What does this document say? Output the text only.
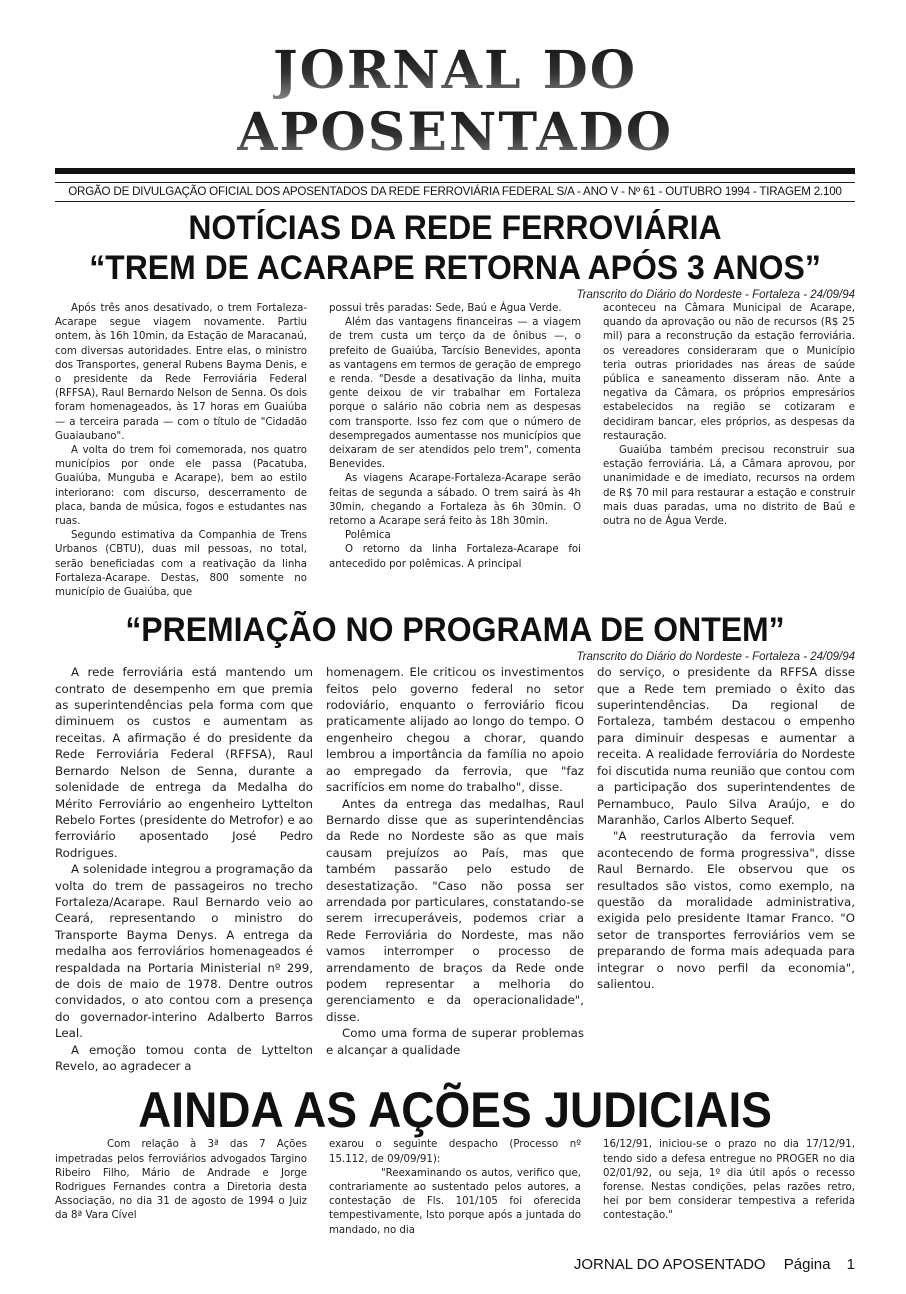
JORNAL DO APOSENTADO
ORGÃO DE DIVULGAÇÃO OFICIAL DOS APOSENTADOS DA REDE FERROVIÁRIA FEDERAL S/A - ANO V - Nº 61 - OUTUBRO 1994 - TIRAGEM 2.100
NOTÍCIAS DA REDE FERROVIÁRIA
“TREM DE ACARAPE RETORNA APÓS 3 ANOS”
Transcrito do Diário do Nordeste - Fortaleza - 24/09/94

Após três anos desativado, o trem Fortaleza-Acarape segue viagem novamente. Partiu ontem, às 16h 10min, da Estação de Maracanaú, com diversas autoridades. Entre elas, o ministro dos Transportes, general Rubens Bayma Denis, e o presidente da Rede Ferroviária Federal (RFFSA), Raul Bernardo Nelson de Senna. Os dois foram homenageados, às 17 horas em Guaiúba — a terceira parada — com o título de "Cidadão Guaiaubano".

A volta do trem foi comemorada, nos quatro municípios por onde ele passa (Pacatuba, Guaiúba, Munguba e Acarape), bem ao estilo interiorano: com discurso, descerramento de placa, banda de música, fogos e estudantes nas ruas.

Segundo estimativa da Companhia de Trens Urbanos (CBTU), duas mil pessoas, no total, serão beneficiadas com a reativação da linha Fortaleza-Acarape. Destas, 800 somente no município de Guaiúba, que

possui três paradas: Sede, Baú e Água Verde.

Além das vantagens financeiras — a viagem de trem custa um terço da de ônibus —, o prefeito de Guaiúba, Tarcísio Benevides, aponta as vantagens em termos de geração de emprego e renda. "Desde a desativação da linha, muita gente deixou de vir trabalhar em Fortaleza porque o salário não cobria nem as despesas com transporte. Isso fez com que o número de desempregados aumentasse nos municípios que deixaram de ser atendidos pelo trem", comenta Benevides.

As viagens Acarape-Fortaleza-Acarape serão feitas de segunda a sábado. O trem sairá às 4h 30min, chegando a Fortaleza às 6h 30min. O retorno a Acarape será feito às 18h 30min.

Polêmica

O retorno da linha Fortaleza-Acarape foi antecedido por polêmicas. A principal

aconteceu na Câmara Municipal de Acarape, quando da aprovação ou não de recursos (R$ 25 mil) para a reconstrução da estação ferroviária. os vereadores consideraram que o Município teria outras prioridades nas áreas de saúde pública e saneamento disseram não. Ante a negativa da Câmara, os próprios empresários estabelecidos na região se cotizaram e decidiram bancar, eles próprios, as despesas da restauração.

Guaiúba também precisou reconstruir sua estação ferroviária. Lá, a Câmara aprovou, por unanimidade e de imediato, recursos na ordem de R$ 70 mil para restaurar a estação e construir mais duas paradas, uma no distrito de Baú e outra no de Água Verde.

“PREMIAÇÃO NO PROGRAMA DE ONTEM”
Transcrito do Diário do Nordeste - Fortaleza - 24/09/94

A rede ferroviária está mantendo um contrato de desempenho em que premia as superintendências pela forma com que diminuem os custos e aumentam as receitas. A afirmação é do presidente da Rede Ferroviária Federal (RFFSA), Raul Bernardo Nelson de Senna, durante a solenidade de entrega da Medalha do Mérito Ferroviário ao engenheiro Lyttelton Rebelo Fortes (presidente do Metrofor) e ao ferroviário aposentado José Pedro Rodrigues.

A solenidade integrou a programação da volta do trem de passageiros no trecho Fortaleza/Acarape. Raul Bernardo veio ao Ceará, representando o ministro do Transporte Bayma Denys. A entrega da medalha aos ferroviários homenageados é respaldada na Portaria Ministerial nº 299, de dois de maio de 1978. Dentre outros convidados, o ato contou com a presença do governador-interino Adalberto Barros Leal.

A emoção tomou conta de Lyttelton Revelo, ao agradecer a

homenagem. Ele criticou os investimentos feitos pelo governo federal no setor rodoviário, enquanto o ferroviário ficou praticamente alijado ao longo do tempo. O engenheiro chegou a chorar, quando lembrou a importância da família no apoio ao empregado da ferrovia, que "faz sacrifícios em nome do trabalho", disse.

Antes da entrega das medalhas, Raul Bernardo disse que as superintendências da Rede no Nordeste são as que mais causam prejuízos ao País, mas que também passarão pelo estudo de desestatização. "Caso não possa ser arrendada por particulares, constatando-se serem irrecuperáveis, podemos criar a Rede Ferroviária do Nordeste, mas não vamos interromper o processo de arrendamento de braços da Rede onde podem representar a melhoria do gerenciamento e da operacionalidade", disse.

Como uma forma de superar problemas e alcançar a qualidade

do serviço, o presidente da RFFSA disse que a Rede tem premiado o êxito das superintendências. Da regional de Fortaleza, também destacou o empenho para diminuir despesas e aumentar a receita. A realidade ferroviária do Nordeste foi discutida numa reunião que contou com a participação dos superintendentes de Pernambuco, Paulo Silva Araújo, e do Maranhão, Carlos Alberto Sequef.

"A reestruturação da ferrovia vem acontecendo de forma progressiva", disse Raul Bernardo. Ele observou que os resultados são vistos, como exemplo, na questão da moralidade administrativa, exigida pelo presidente Itamar Franco. "O setor de transportes ferroviários vem se preparando de forma mais adequada para integrar o novo perfil da economia", salientou.

AINDA AS AÇÕES JUDICIAIS

Com relação à 3ª das 7 Ações impetradas pelos ferroviários advogados Targino Ribeiro Filho, Mário de Andrade e Jorge Rodrigues Fernandes contra a Diretoria desta Associação, no dia 31 de agosto de 1994 o Juiz da 8ª Vara Cível

exarou o seguinte despacho (Processo nº 15.112, de 09/09/91):

"Reexaminando os autos, verifico que, contrariamente ao sustentado pelos autores, a contestação de Fls. 101/105 foi oferecida tempestivamente, Isto porque após a juntada do mandado, no dia

16/12/91, iniciou-se o prazo no dia 17/12/91, tendo sido a defesa entregue no PROGER no dia 02/01/92, ou seja, 1º dia útil após o recesso forense. Nestas condições, pelas razões retro, hei por bem considerar tempestiva a referida contestação."

JORNAL DO APOSENTADO Página 1
